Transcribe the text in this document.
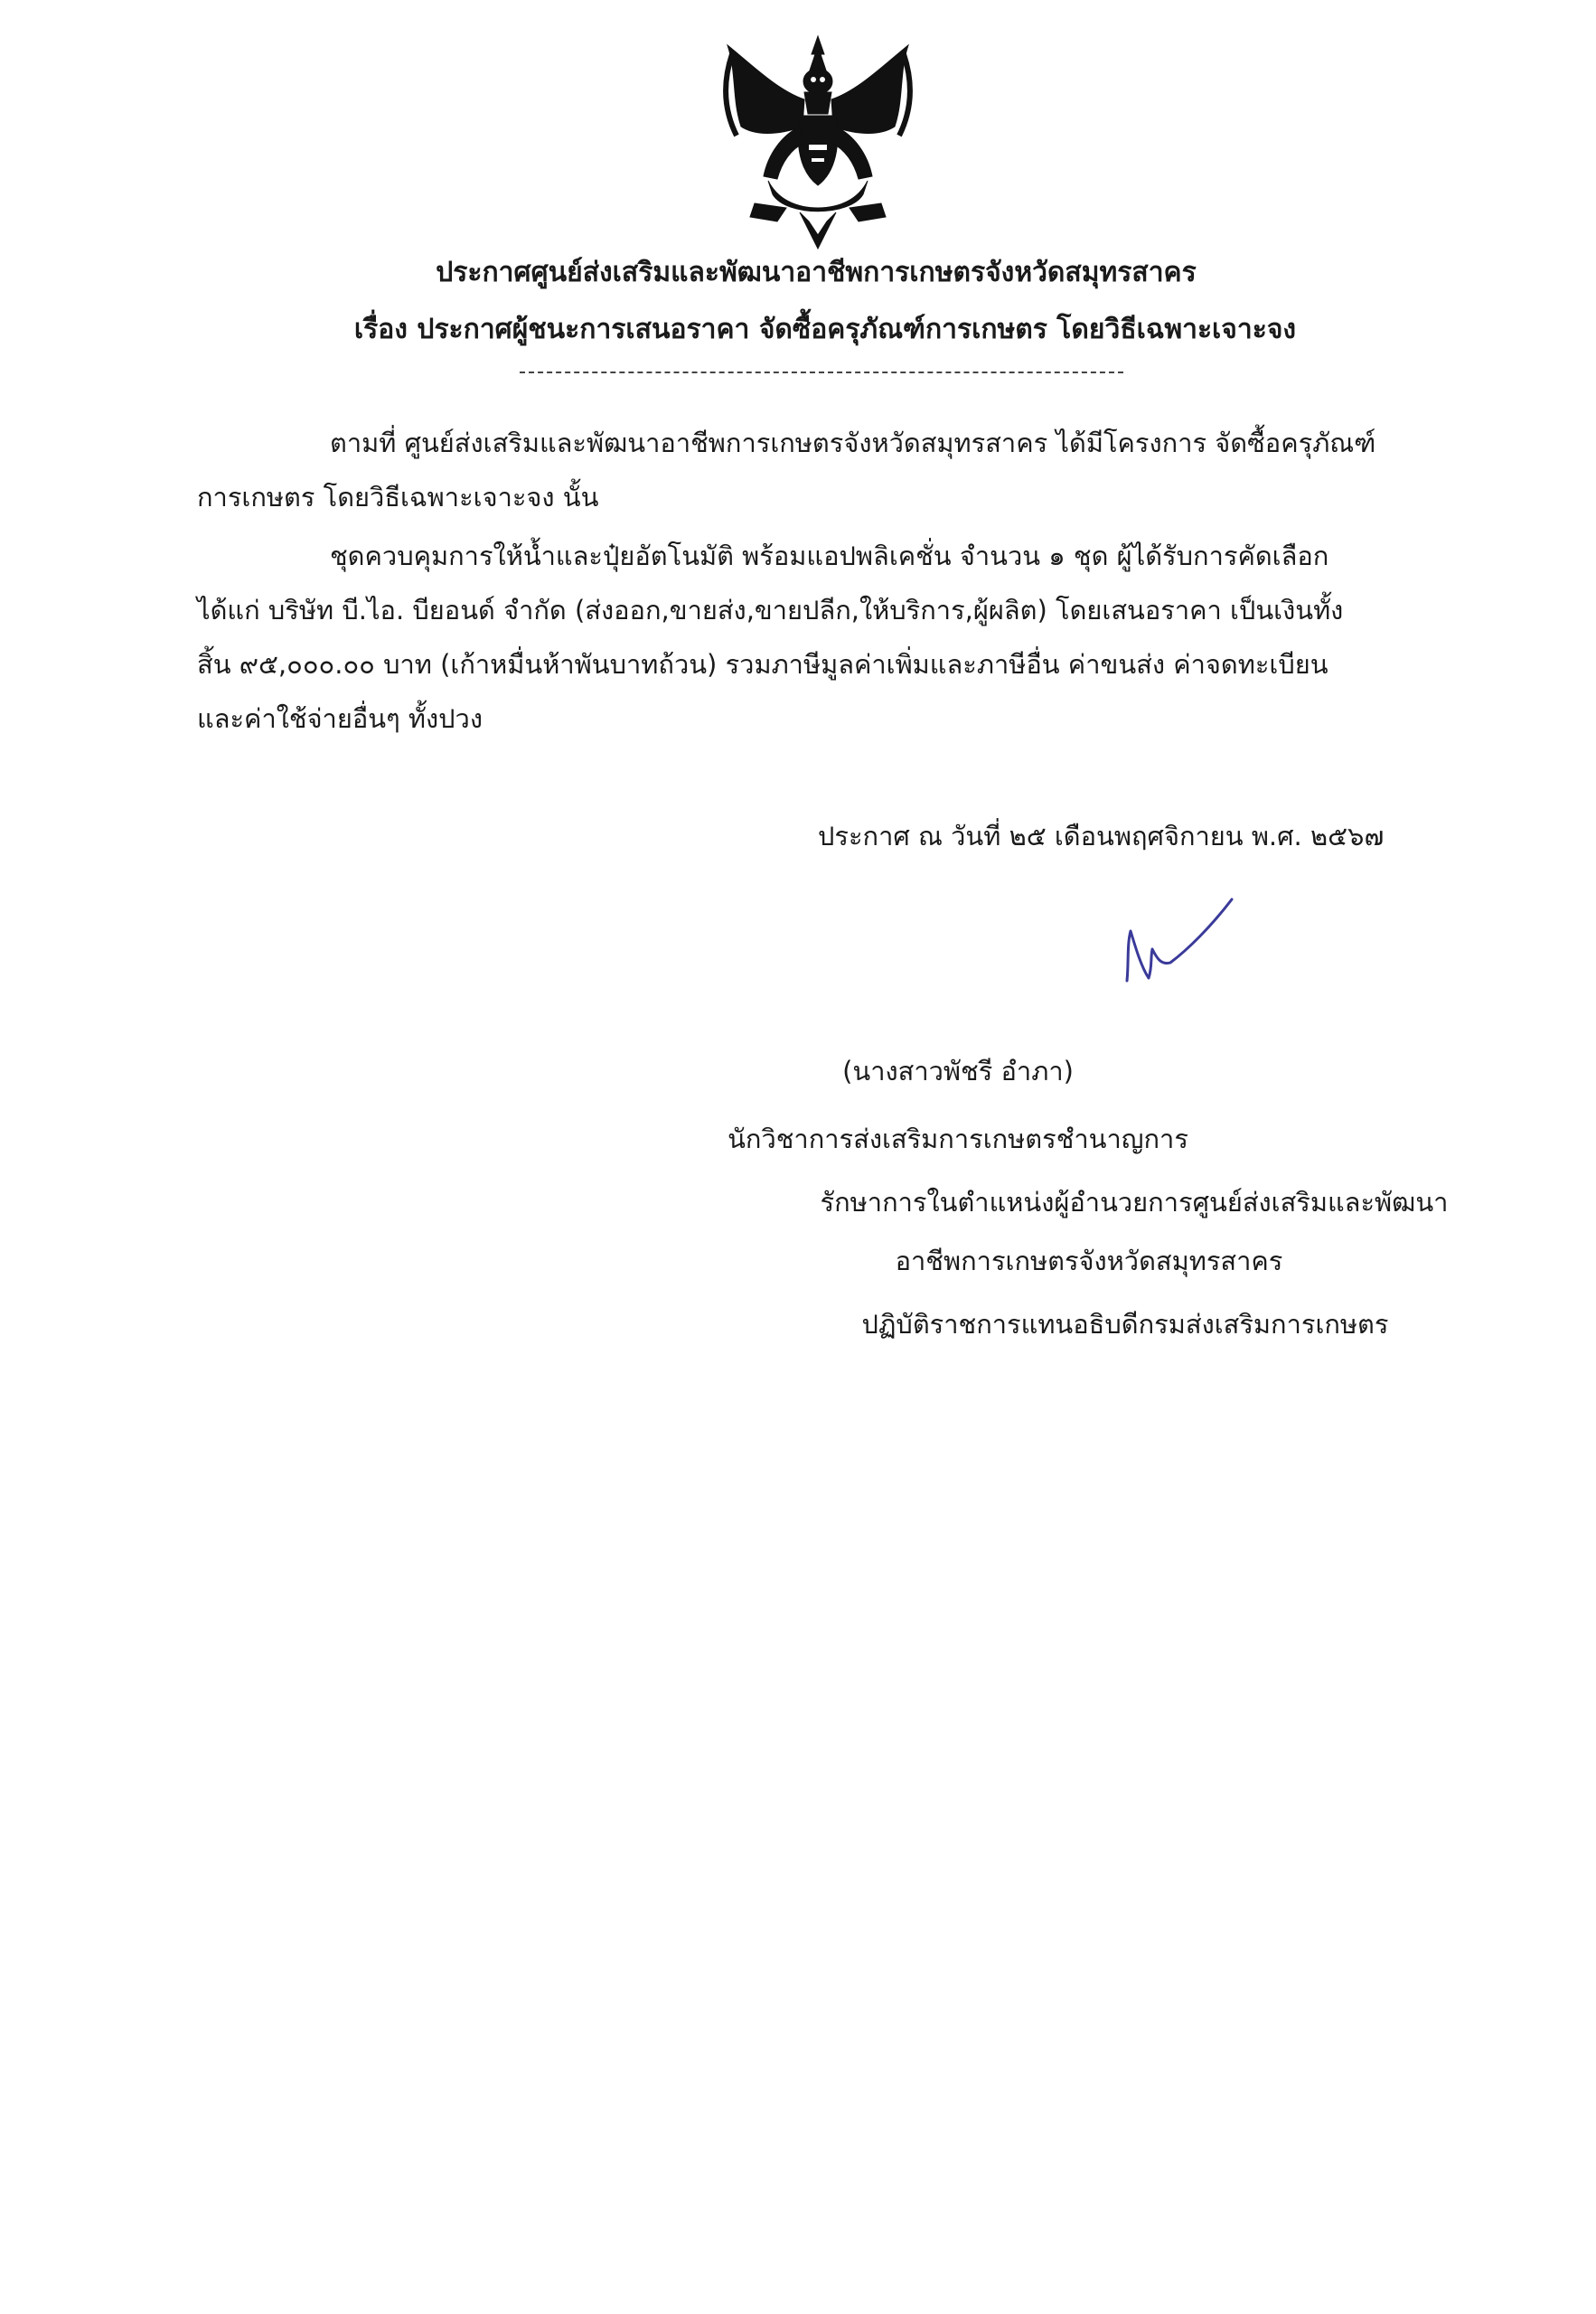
ประกาศศูนย์ส่งเสริมและพัฒนาอาชีพการเกษตรจังหวัดสมุทรสาคร
เรื่อง ประกาศผู้ชนะการเสนอราคา จัดซื้อครุภัณฑ์การเกษตร โดยวิธีเฉพาะเจาะจง
ตามที่ ศูนย์ส่งเสริมและพัฒนาอาชีพการเกษตรจังหวัดสมุทรสาคร ได้มีโครงการ จัดซื้อครุภัณฑ์
การเกษตร โดยวิธีเฉพาะเจาะจง นั้น
ชุดควบคุมการให้น้ำและปุ๋ยอัตโนมัติ พร้อมแอปพลิเคชั่น จำนวน ๑ ชุด ผู้ได้รับการคัดเลือก
ได้แก่ บริษัท บี.ไอ. บียอนด์ จำกัด (ส่งออก,ขายส่ง,ขายปลีก,ให้บริการ,ผู้ผลิต) โดยเสนอราคา เป็นเงินทั้ง
สิ้น ๙๕,๐๐๐.๐๐ บาท (เก้าหมื่นห้าพันบาทถ้วน) รวมภาษีมูลค่าเพิ่มและภาษีอื่น ค่าขนส่ง ค่าจดทะเบียน
และค่าใช้จ่ายอื่นๆ ทั้งปวง
ประกาศ ณ วันที่ ๒๕ เดือนพฤศจิกายน พ.ศ. ๒๕๖๗
(นางสาวพัชรี อำภา)
นักวิชาการส่งเสริมการเกษตรชำนาญการ
รักษาการในตำแหน่งผู้อำนวยการศูนย์ส่งเสริมและพัฒนา
อาชีพการเกษตรจังหวัดสมุทรสาคร
ปฏิบัติราชการแทนอธิบดีกรมส่งเสริมการเกษตร
